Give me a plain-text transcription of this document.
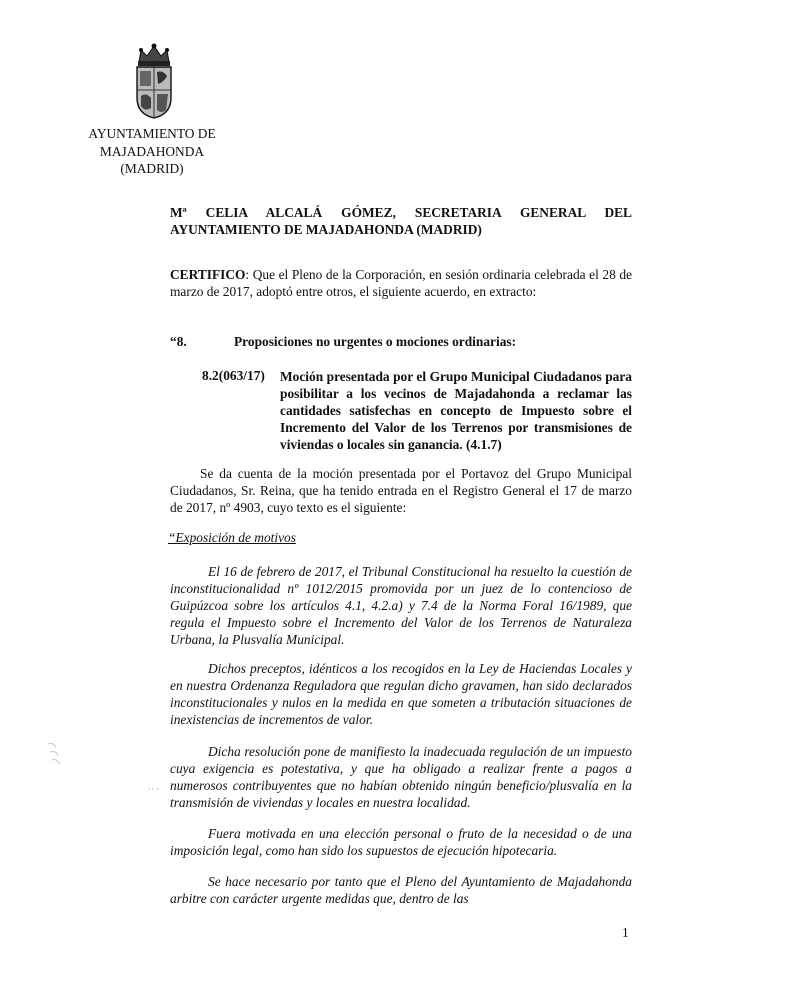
AYUNTAMIENTO DE
MAJADAHONDA
(MADRID)
Mª CELIA ALCALÁ GÓMEZ, SECRETARIA GENERAL DEL AYUNTAMIENTO DE MAJADAHONDA (MADRID)
CERTIFICO: Que el Pleno de la Corporación, en sesión ordinaria celebrada el 28 de marzo de 2017, adoptó entre otros, el siguiente acuerdo, en extracto:
“8.	Proposiciones no urgentes o mociones ordinarias:
8.2(063/17) Moción presentada por el Grupo Municipal Ciudadanos para posibilitar a los vecinos de Majadahonda a reclamar las cantidades satisfechas en concepto de Impuesto sobre el Incremento del Valor de los Terrenos por transmisiones de viviendas o locales sin ganancia. (4.1.7)
Se da cuenta de la moción presentada por el Portavoz del Grupo Municipal Ciudadanos, Sr. Reina, que ha tenido entrada en el Registro General el 17 de marzo de 2017, nº 4903, cuyo texto es el siguiente:
“Exposición de motivos
El 16 de febrero de 2017, el Tribunal Constitucional ha resuelto la cuestión de inconstitucionalidad nº 1012/2015 promovida por un juez de lo contencioso de Guipúzcoa sobre los artículos 4.1, 4.2.a) y 7.4 de la Norma Foral 16/1989, que regula el Impuesto sobre el Incremento del Valor de los Terrenos de Naturaleza Urbana, la Plusvalía Municipal.
Dichos preceptos, idénticos a los recogidos en la Ley de Haciendas Locales y en nuestra Ordenanza Reguladora que regulan dicho gravamen, han sido declarados inconstitucionales y nulos en la medida en que someten a tributación situaciones de inexistencias de incrementos de valor.
Dicha resolución pone de manifiesto la inadecuada regulación de un impuesto cuya exigencia es potestativa, y que ha obligado a realizar frente a pagos a numerosos contribuyentes que no habían obtenido ningún beneficio/plusvalía en la transmisión de viviendas y locales en nuestra localidad.
Fuera motivada en una elección personal o fruto de la necesidad o de una imposición legal, como han sido los supuestos de ejecución hipotecaria.
Se hace necesario por tanto que el Pleno del Ayuntamiento de Majadahonda arbitre con carácter urgente medidas que, dentro de las
·· ·
1
